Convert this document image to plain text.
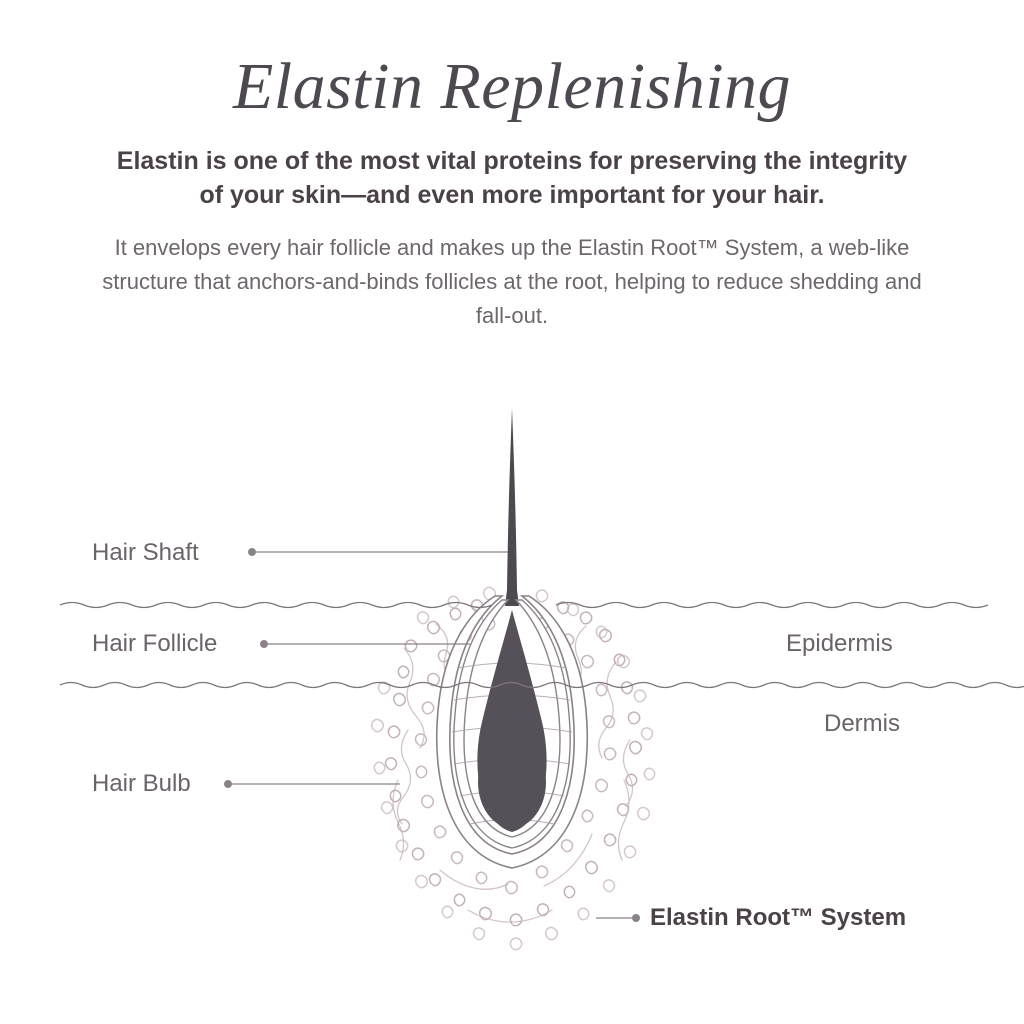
Elastin Replenishing

Elastin is one of the most vital proteins for preserving the integrity of your skin—and even more important for your hair.

It envelops every hair follicle and makes up the Elastin Root™ System, a web-like structure that anchors-and-binds follicles at the root, helping to reduce shedding and fall-out.

Hair Shaft
Hair Follicle
Hair Bulb
Epidermis
Dermis
Elastin Root™ System
